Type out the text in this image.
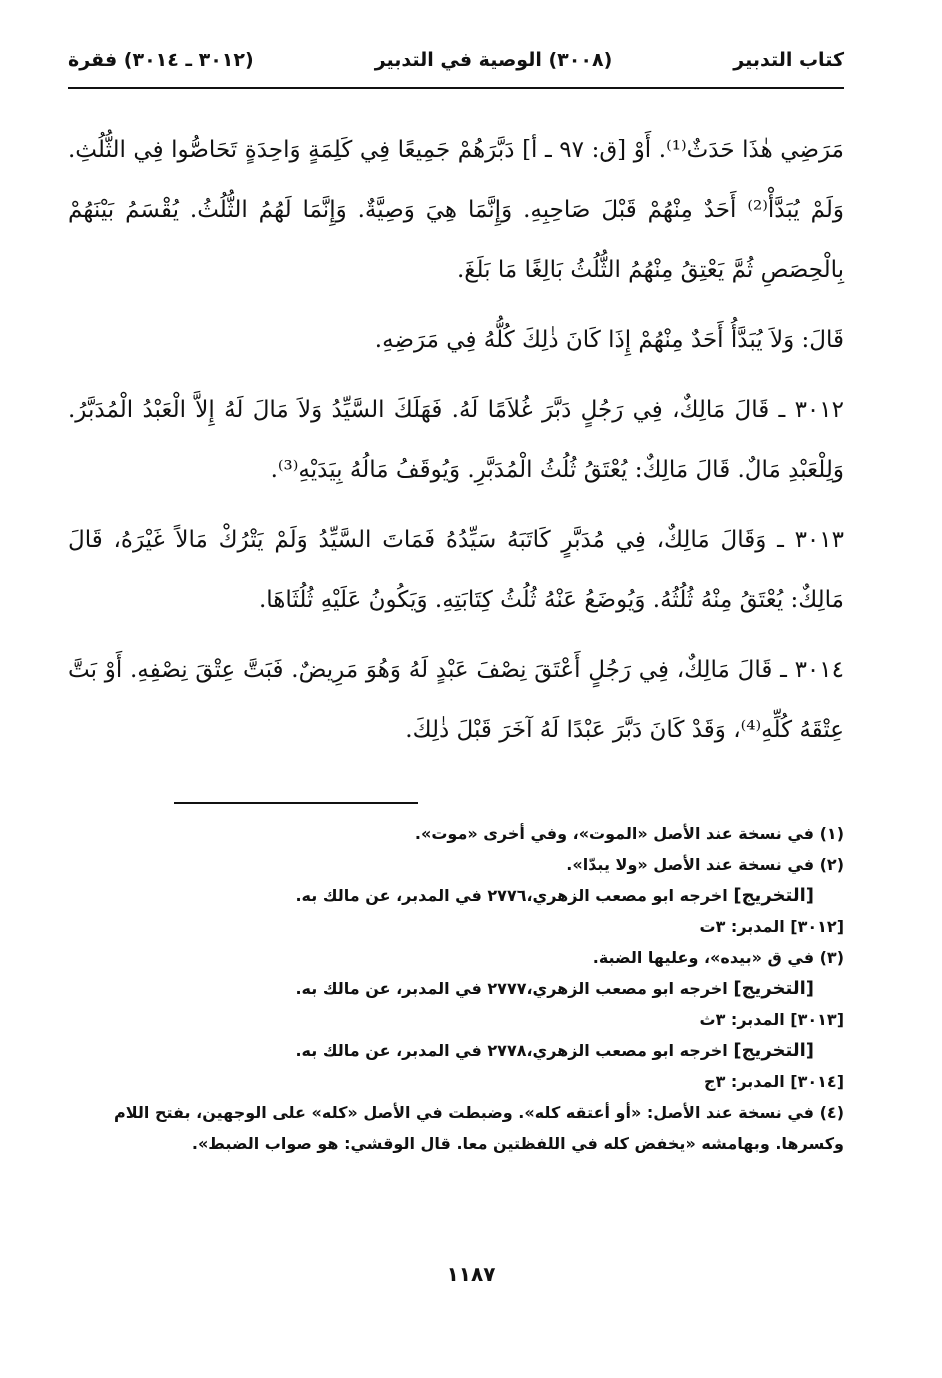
كتاب التدبير
(٣٠٠٨) الوصية في التدبير
(٣٠١٢ ـ ٣٠١٤) فقرة

مَرَضِي هٰذَا حَدَثٌ⁽¹⁾. أَوْ [ق: ٩٧ ـ أ] دَبَّرَهُمْ جَمِيعًا فِي كَلِمَةٍ وَاحِدَةٍ تَحَاصُّوا فِي الثُّلُثِ. وَلَمْ يُبَدَّأْ⁽²⁾ أَحَدٌ مِنْهُمْ قَبْلَ صَاحِبِهِ. وَإِنَّمَا هِيَ وَصِيَّةٌ. وَإِنَّمَا لَهُمُ الثُّلُثُ. يُقْسَمُ بَيْنَهُمْ بِالْحِصَصِ ثُمَّ يَعْتِقُ مِنْهُمُ الثُّلُثُ بَالِغًا مَا بَلَغَ.

قَالَ: وَلاَ يُبَدَّأُ أَحَدٌ مِنْهُمْ إِذَا كَانَ ذٰلِكَ كُلُّهُ فِي مَرَضِهِ.

٣٠١٢ ـ قَالَ مَالِكٌ، فِي رَجُلٍ دَبَّرَ غُلاَمًا لَهُ. فَهَلَكَ السَّيِّدُ وَلاَ مَالَ لَهُ إِلاَّ الْعَبْدُ الْمُدَبَّرُ. وَلِلْعَبْدِ مَالٌ. قَالَ مَالِكٌ: يُعْتَقُ ثُلُثُ الْمُدَبَّرِ. وَيُوقَفُ مَالُهُ بِيَدَيْهِ⁽³⁾.

٣٠١٣ ـ وَقَالَ مَالِكٌ، فِي مُدَبَّرٍ كَاتَبَهُ سَيِّدُهُ فَمَاتَ السَّيِّدُ وَلَمْ يَتْرُكْ مَالاً غَيْرَهُ، قَالَ مَالِكٌ: يُعْتَقُ مِنْهُ ثُلُثُهُ. وَيُوضَعُ عَنْهُ ثُلُثُ كِتَابَتِهِ. وَيَكُونُ عَلَيْهِ ثُلُثَاهَا.

٣٠١٤ ـ قَالَ مَالِكٌ، فِي رَجُلٍ أَعْتَقَ نِصْفَ عَبْدٍ لَهُ وَهُوَ مَرِيضٌ. فَبَتَّ عِتْقَ نِصْفِهِ. أَوْ بَتَّ عِتْقَهُ كُلِّهِ⁽⁴⁾، وَقَدْ كَانَ دَبَّرَ عَبْدًا لَهُ آخَرَ قَبْلَ ذٰلِكَ.

(١) في نسخة عند الأصل «الموت»، وفي أخرى «موت».

(٢) في نسخة عند الأصل «ولا يبدّا».

[التخريج] اخرجه ابو مصعب الزهري،٢٧٧٦ في المدبر، عن مالك به.

[٣٠١٢] المدبر: ٣ت

(٣) في ق «بيده»، وعليها الضبة.

[التخريج] اخرجه ابو مصعب الزهري،٢٧٧٧ في المدبر، عن مالك به.

[٣٠١٣] المدبر: ٣ث

[التخريج] اخرجه ابو مصعب الزهري،٢٧٧٨ في المدبر، عن مالك به.

[٣٠١٤] المدبر: ٣ج

(٤) في نسخة عند الأصل: «أو أعتقه كله». وضبطت في الأصل «كله» على الوجهين، بفتح اللام وكسرها. وبهامشه «يخفض كله في اللفظتين معا. قال الوقشي: هو صواب الضبط».

١١٨٧
